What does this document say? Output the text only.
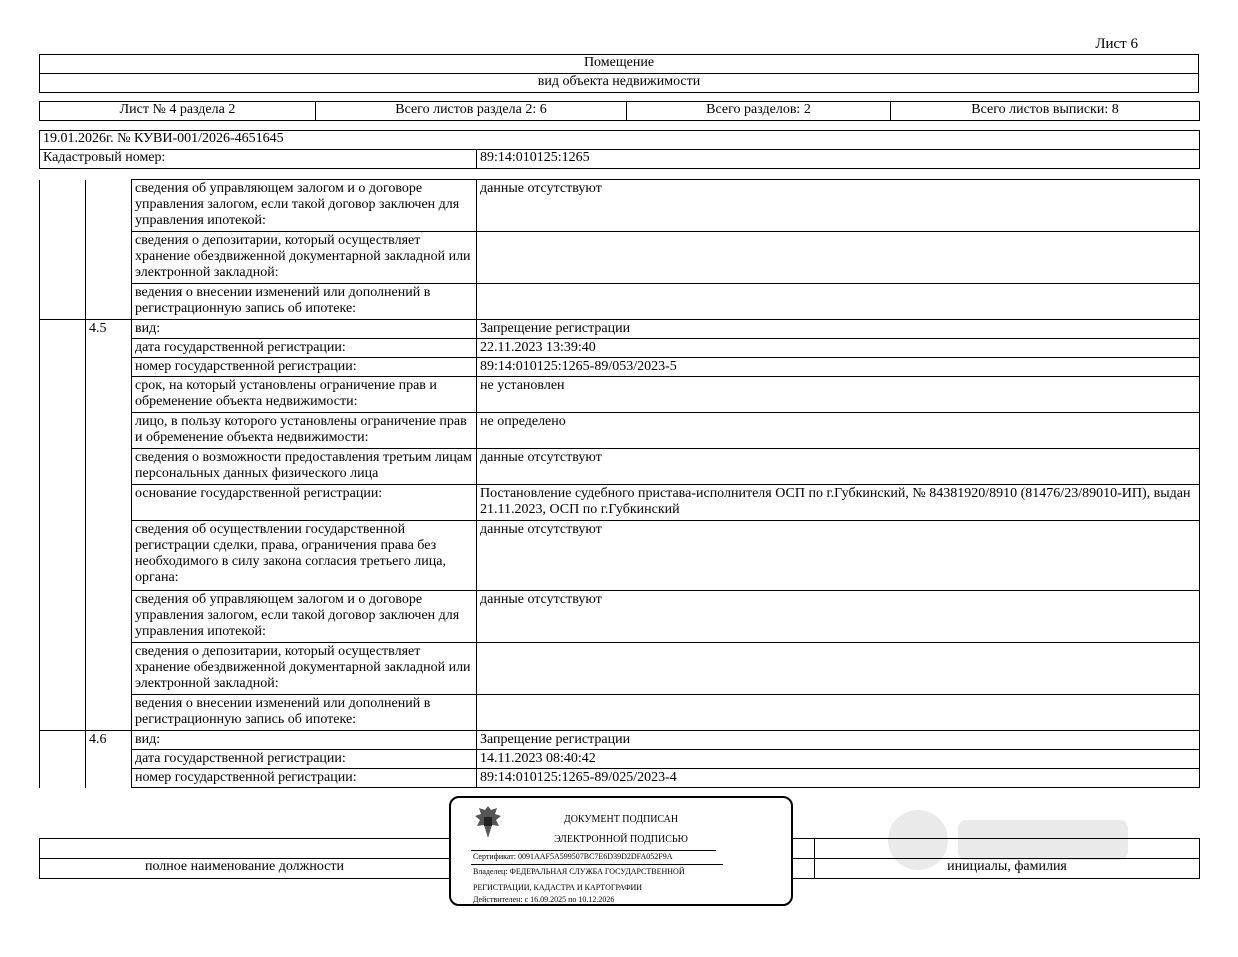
Лист 6
Помещение
вид объекта недвижимости
Лист № 4 раздела 2	Всего листов раздела 2: 6	Всего разделов: 2	Всего листов выписки: 8
19.01.2026г. № КУВИ-001/2026-4651645
Кадастровый номер:	89:14:010125:1265
		сведения об управляющем залогом и о договоре управления залогом, если такой договор заключен для управления ипотекой:	данные отсутствуют
		сведения о депозитарии, который осуществляет хранение обездвиженной документарной закладной или электронной закладной:	
		ведения о внесении изменений или дополнений в регистрационную запись об ипотеке:	
	4.5	вид:	Запрещение регистрации
		дата государственной регистрации:	22.11.2023 13:39:40
		номер государственной регистрации:	89:14:010125:1265-89/053/2023-5
		срок, на который установлены ограничение прав и обременение объекта недвижимости:	не установлен
		лицо, в пользу которого установлены ограничение прав и обременение объекта недвижимости:	не определено
		сведения о возможности предоставления третьим лицам персональных данных физического лица	данные отсутствуют
		основание государственной регистрации:	Постановление судебного пристава-исполнителя ОСП по г.Губкинский, № 84381920/8910 (81476/23/89010-ИП), выдан 21.11.2023, ОСП по г.Губкинский
		сведения об осуществлении государственной регистрации сделки, права, ограничения права без необходимого в силу закона согласия третьего лица, органа:	данные отсутствуют
		сведения об управляющем залогом и о договоре управления залогом, если такой договор заключен для управления ипотекой:	данные отсутствуют
		сведения о депозитарии, который осуществляет хранение обездвиженной документарной закладной или электронной закладной:	
		ведения о внесении изменений или дополнений в регистрационную запись об ипотеке:	
	4.6	вид:	Запрещение регистрации
		дата государственной регистрации:	14.11.2023 08:40:42
		номер государственной регистрации:	89:14:010125:1265-89/025/2023-4

полное наименование должности		инициалы, фамилия
ДОКУМЕНТ ПОДПИСАН
ЭЛЕКТРОННОЙ ПОДПИСЬЮ
Сертификат: 0091AAF5A599507BC7E6D39D2DFA052F9A
Владелец: ФЕДЕРАЛЬНАЯ СЛУЖБА ГОСУДАРСТВЕННОЙ
РЕГИСТРАЦИИ, КАДАСТРА И КАРТОГРАФИИ
Действителен: с 16.09.2025 по 10.12.2026
